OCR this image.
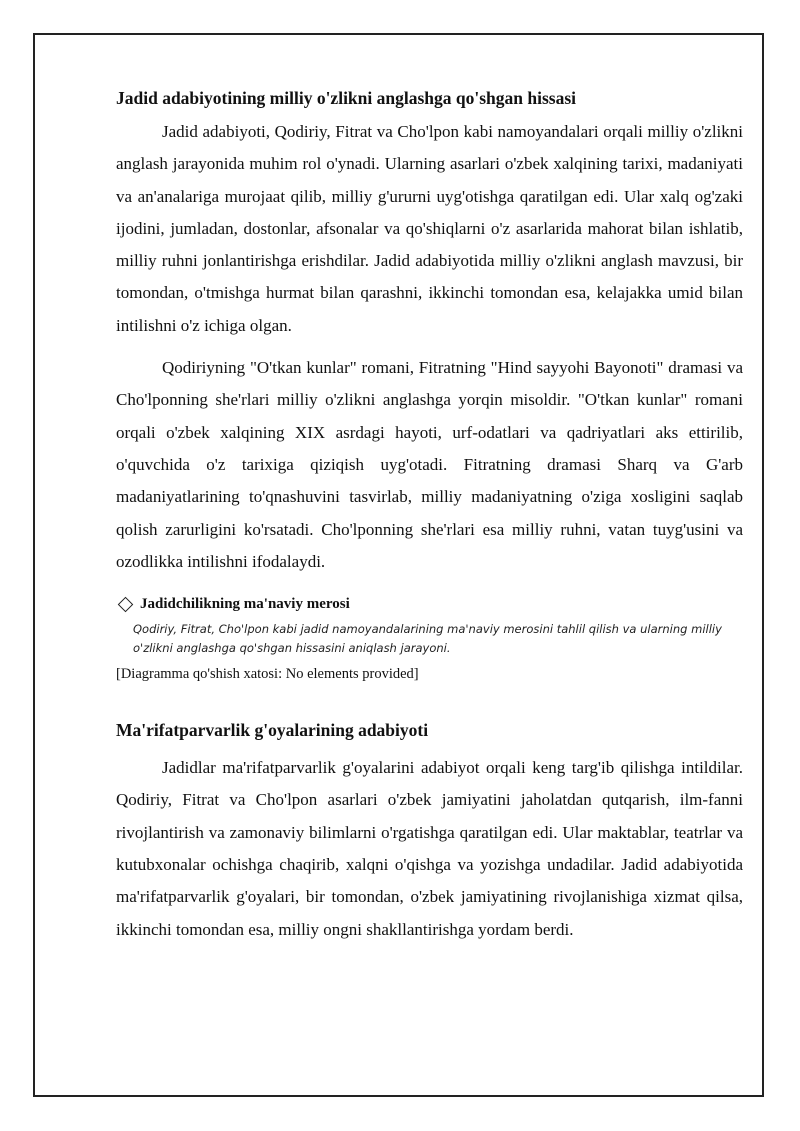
Jadid adabiyotining milliy o'zlikni anglashga qo'shgan hissasi

Jadid adabiyoti, Qodiriy, Fitrat va Cho'lpon kabi namoyandalari orqali milliy o'zlikni anglash jarayonida muhim rol o'ynadi. Ularning asarlari o'zbek xalqining tarixi, madaniyati va an'analariga murojaat qilib, milliy g'ururni uyg'otishga qaratilgan edi. Ular xalq og'zaki ijodini, jumladan, dostonlar, afsonalar va qo'shiqlarni o'z asarlarida mahorat bilan ishlatib, milliy ruhni jonlantirishga erishdilar. Jadid adabiyotida milliy o'zlikni anglash mavzusi, bir tomondan, o'tmishga hurmat bilan qarashni, ikkinchi tomondan esa, kelajakka umid bilan intilishni o'z ichiga olgan.

Qodiriyning "O'tkan kunlar" romani, Fitratning "Hind sayyohi Bayonoti" dramasi va Cho'lponning she'rlari milliy o'zlikni anglashga yorqin misoldir. "O'tkan kunlar" romani orqali o'zbek xalqining XIX asrdagi hayoti, urf-odatlari va qadriyatlari aks ettirilib, o'quvchida o'z tarixiga qiziqish uyg'otadi. Fitratning dramasi Sharq va G'arb madaniyatlarining to'qnashuvini tasvirlab, milliy madaniyatning o'ziga xosligini saqlab qolish zarurligini ko'rsatadi. Cho'lponning she'rlari esa milliy ruhni, vatan tuyg'usini va ozodlikka intilishni ifodalaydi.

Jadidchilikning ma'naviy merosi
Qodiriy, Fitrat, Cho'lpon kabi jadid namoyandalarining ma'naviy merosini tahlil qilish va ularning milliy o'zlikni anglashga qo'shgan hissasini aniqlash jarayoni.
[Diagramma qo'shish xatosi: No elements provided]
Ma'rifatparvarlik g'oyalarining adabiyoti

Jadidlar ma'rifatparvarlik g'oyalarini adabiyot orqali keng targ'ib qilishga intildilar. Qodiriy, Fitrat va Cho'lpon asarlari o'zbek jamiyatini jaholatdan qutqarish, ilm-fanni rivojlantirish va zamonaviy bilimlarni o'rgatishga qaratilgan edi. Ular maktablar, teatrlar va kutubxonalar ochishga chaqirib, xalqni o'qishga va yozishga undadilar. Jadid adabiyotida ma'rifatparvarlik g'oyalari, bir tomondan, o'zbek jamiyatining rivojlanishiga xizmat qilsa, ikkinchi tomondan esa, milliy ongni shakllantirishga yordam berdi.
